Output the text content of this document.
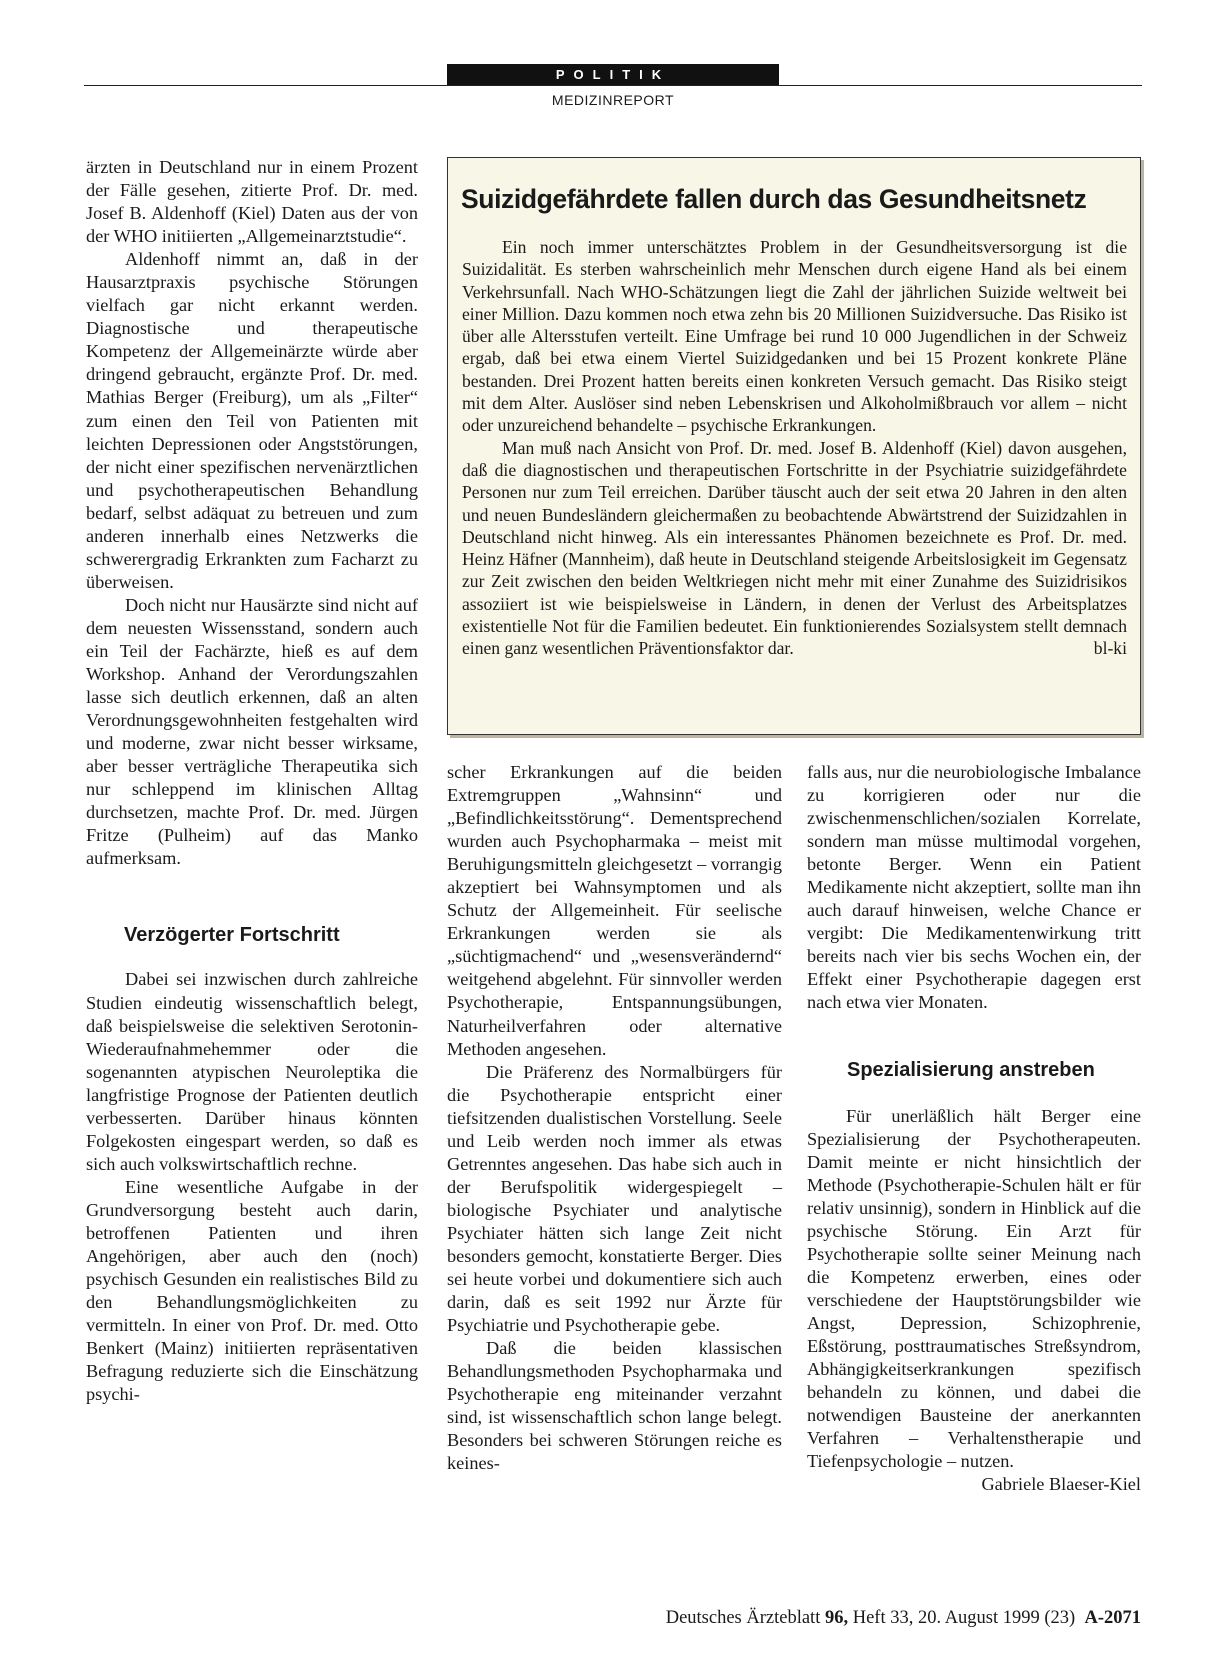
POLITIK
MEDIZINREPORT

ärzten in Deutschland nur in einem Prozent der Fälle gesehen, zitierte Prof. Dr. med. Josef B. Aldenhoff (Kiel) Daten aus der von der WHO initiierten „Allgemeinarztstudie“.

Aldenhoff nimmt an, daß in der Hausarztpraxis psychische Störungen vielfach gar nicht erkannt werden. Diagnostische und therapeutische Kompetenz der Allgemeinärzte würde aber dringend gebraucht, ergänzte Prof. Dr. med. Mathias Berger (Freiburg), um als „Filter“ zum einen den Teil von Patienten mit leichten Depressionen oder Angststörungen, der nicht einer spezifischen nervenärztlichen und psychotherapeutischen Behandlung bedarf, selbst adäquat zu betreuen und zum anderen innerhalb eines Netzwerks die schwerergradig Erkrankten zum Facharzt zu überweisen.

Doch nicht nur Hausärzte sind nicht auf dem neuesten Wissensstand, sondern auch ein Teil der Fachärzte, hieß es auf dem Workshop. Anhand der Verordungszahlen lasse sich deutlich erkennen, daß an alten Verordnungsgewohnheiten festgehalten wird und moderne, zwar nicht besser wirksame, aber besser verträgliche Therapeutika sich nur schleppend im klinischen Alltag durchsetzen, machte Prof. Dr. med. Jürgen Fritze (Pulheim) auf das Manko aufmerksam.

Verzögerter Fortschritt

Dabei sei inzwischen durch zahlreiche Studien eindeutig wissenschaftlich belegt, daß beispielsweise die selektiven Serotonin-Wiederaufnahmehemmer oder die sogenannten atypischen Neuroleptika die langfristige Prognose der Patienten deutlich verbesserten. Darüber hinaus könnten Folgekosten eingespart werden, so daß es sich auch volkswirtschaftlich rechne.

Eine wesentliche Aufgabe in der Grundversorgung besteht auch darin, betroffenen Patienten und ihren Angehörigen, aber auch den (noch) psychisch Gesunden ein realistisches Bild zu den Behandlungsmöglichkeiten zu vermitteln. In einer von Prof. Dr. med. Otto Benkert (Mainz) initiierten repräsentativen Befragung reduzierte sich die Einschätzung psychi-

Suizidgefährdete fallen durch das Gesundheitsnetz

Ein noch immer unterschätztes Problem in der Gesundheitsversorgung ist die Suizidalität. Es sterben wahrscheinlich mehr Menschen durch eigene Hand als bei einem Verkehrsunfall. Nach WHO-Schätzungen liegt die Zahl der jährlichen Suizide weltweit bei einer Million. Dazu kommen noch etwa zehn bis 20 Millionen Suizidversuche. Das Risiko ist über alle Altersstufen verteilt. Eine Umfrage bei rund 10 000 Jugendlichen in der Schweiz ergab, daß bei etwa einem Viertel Suizidgedanken und bei 15 Prozent konkrete Pläne bestanden. Drei Prozent hatten bereits einen konkreten Versuch gemacht. Das Risiko steigt mit dem Alter. Auslöser sind neben Lebenskrisen und Alkoholmißbrauch vor allem – nicht oder unzureichend behandelte – psychische Erkrankungen.

Man muß nach Ansicht von Prof. Dr. med. Josef B. Aldenhoff (Kiel) davon ausgehen, daß die diagnostischen und therapeutischen Fortschritte in der Psychiatrie suizidgefährdete Personen nur zum Teil erreichen. Darüber täuscht auch der seit etwa 20 Jahren in den alten und neuen Bundesländern gleichermaßen zu beobachtende Abwärtstrend der Suizidzahlen in Deutschland nicht hinweg. Als ein interessantes Phänomen bezeichnete es Prof. Dr. med. Heinz Häfner (Mannheim), daß heute in Deutschland steigende Arbeitslosigkeit im Gegensatz zur Zeit zwischen den beiden Weltkriegen nicht mehr mit einer Zunahme des Suizidrisikos assoziiert ist wie beispielsweise in Ländern, in denen der Verlust des Arbeitsplatzes existentielle Not für die Familien bedeutet. Ein funktionierendes Sozialsystem stellt demnach einen ganz wesentlichen Präventionsfaktor dar.	bl-ki

scher Erkrankungen auf die beiden Extremgruppen „Wahnsinn“ und „Befindlichkeitsstörung“. Dementsprechend wurden auch Psychopharmaka – meist mit Beruhigungsmitteln gleichgesetzt – vorrangig akzeptiert bei Wahnsymptomen und als Schutz der Allgemeinheit. Für seelische Erkrankungen werden sie als „süchtigmachend“ und „wesensverändernd“ weitgehend abgelehnt. Für sinnvoller werden Psychotherapie, Entspannungsübungen, Naturheilverfahren oder alternative Methoden angesehen.

Die Präferenz des Normalbürgers für die Psychotherapie entspricht einer tiefsitzenden dualistischen Vorstellung. Seele und Leib werden noch immer als etwas Getrenntes angesehen. Das habe sich auch in der Berufspolitik widergespiegelt – biologische Psychiater und analytische Psychiater hätten sich lange Zeit nicht besonders gemocht, konstatierte Berger. Dies sei heute vorbei und dokumentiere sich auch darin, daß es seit 1992 nur Ärzte für Psychiatrie und Psychotherapie gebe.

Daß die beiden klassischen Behandlungsmethoden Psychopharmaka und Psychotherapie eng miteinander verzahnt sind, ist wissenschaftlich schon lange belegt. Besonders bei schweren Störungen reiche es keines-

falls aus, nur die neurobiologische Imbalance zu korrigieren oder nur die zwischenmenschlichen/sozialen Korrelate, sondern man müsse multimodal vorgehen, betonte Berger. Wenn ein Patient Medikamente nicht akzeptiert, sollte man ihn auch darauf hinweisen, welche Chance er vergibt: Die Medikamentenwirkung tritt bereits nach vier bis sechs Wochen ein, der Effekt einer Psychotherapie dagegen erst nach etwa vier Monaten.

Spezialisierung anstreben

Für unerläßlich hält Berger eine Spezialisierung der Psychotherapeuten. Damit meinte er nicht hinsichtlich der Methode (Psychotherapie-Schulen hält er für relativ unsinnig), sondern in Hinblick auf die psychische Störung. Ein Arzt für Psychotherapie sollte seiner Meinung nach die Kompetenz erwerben, eines oder verschiedene der Hauptstörungsbilder wie Angst, Depression, Schizophrenie, Eßstörung, posttraumatisches Streßsyndrom, Abhängigkeitserkrankungen spezifisch behandeln zu können, und dabei die notwendigen Bausteine der anerkannten Verfahren – Verhaltenstherapie und Tiefenpsychologie – nutzen.
Gabriele Blaeser-Kiel

Deutsches Ärzteblatt 96, Heft 33, 20. August 1999 (23) A-2071
